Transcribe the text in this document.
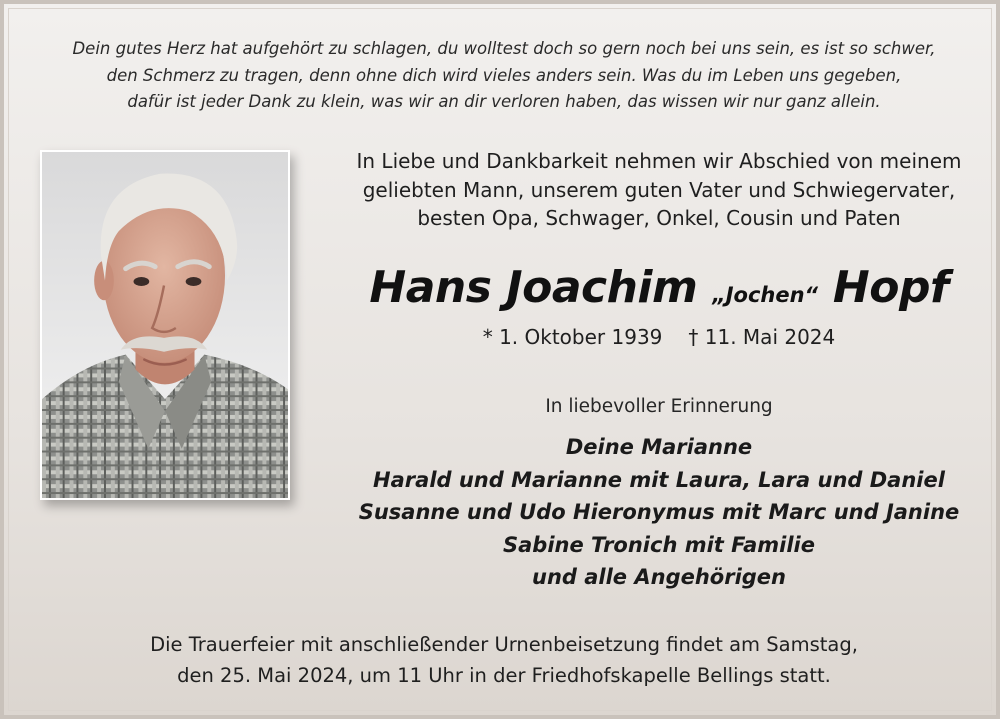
Dein gutes Herz hat aufgehört zu schlagen, du wolltest doch so gern noch bei uns sein, es ist so schwer,
den Schmerz zu tragen, denn ohne dich wird vieles anders sein. Was du im Leben uns gegeben,
dafür ist jeder Dank zu klein, was wir an dir verloren haben, das wissen wir nur ganz allein.

In Liebe und Dankbarkeit nehmen wir Abschied von meinem
geliebten Mann, unserem guten Vater und Schwiegervater,
besten Opa, Schwager, Onkel, Cousin und Paten

Hans Joachim „Jochen“ Hopf

* 1. Oktober 1939 † 11. Mai 2024

In liebevoller Erinnerung

Deine Marianne
Harald und Marianne mit Laura, Lara und Daniel
Susanne und Udo Hieronymus mit Marc und Janine
Sabine Tronich mit Familie
und alle Angehörigen

Die Trauerfeier mit anschließender Urnenbeisetzung findet am Samstag,
den 25. Mai 2024, um 11 Uhr in der Friedhofskapelle Bellings statt.
